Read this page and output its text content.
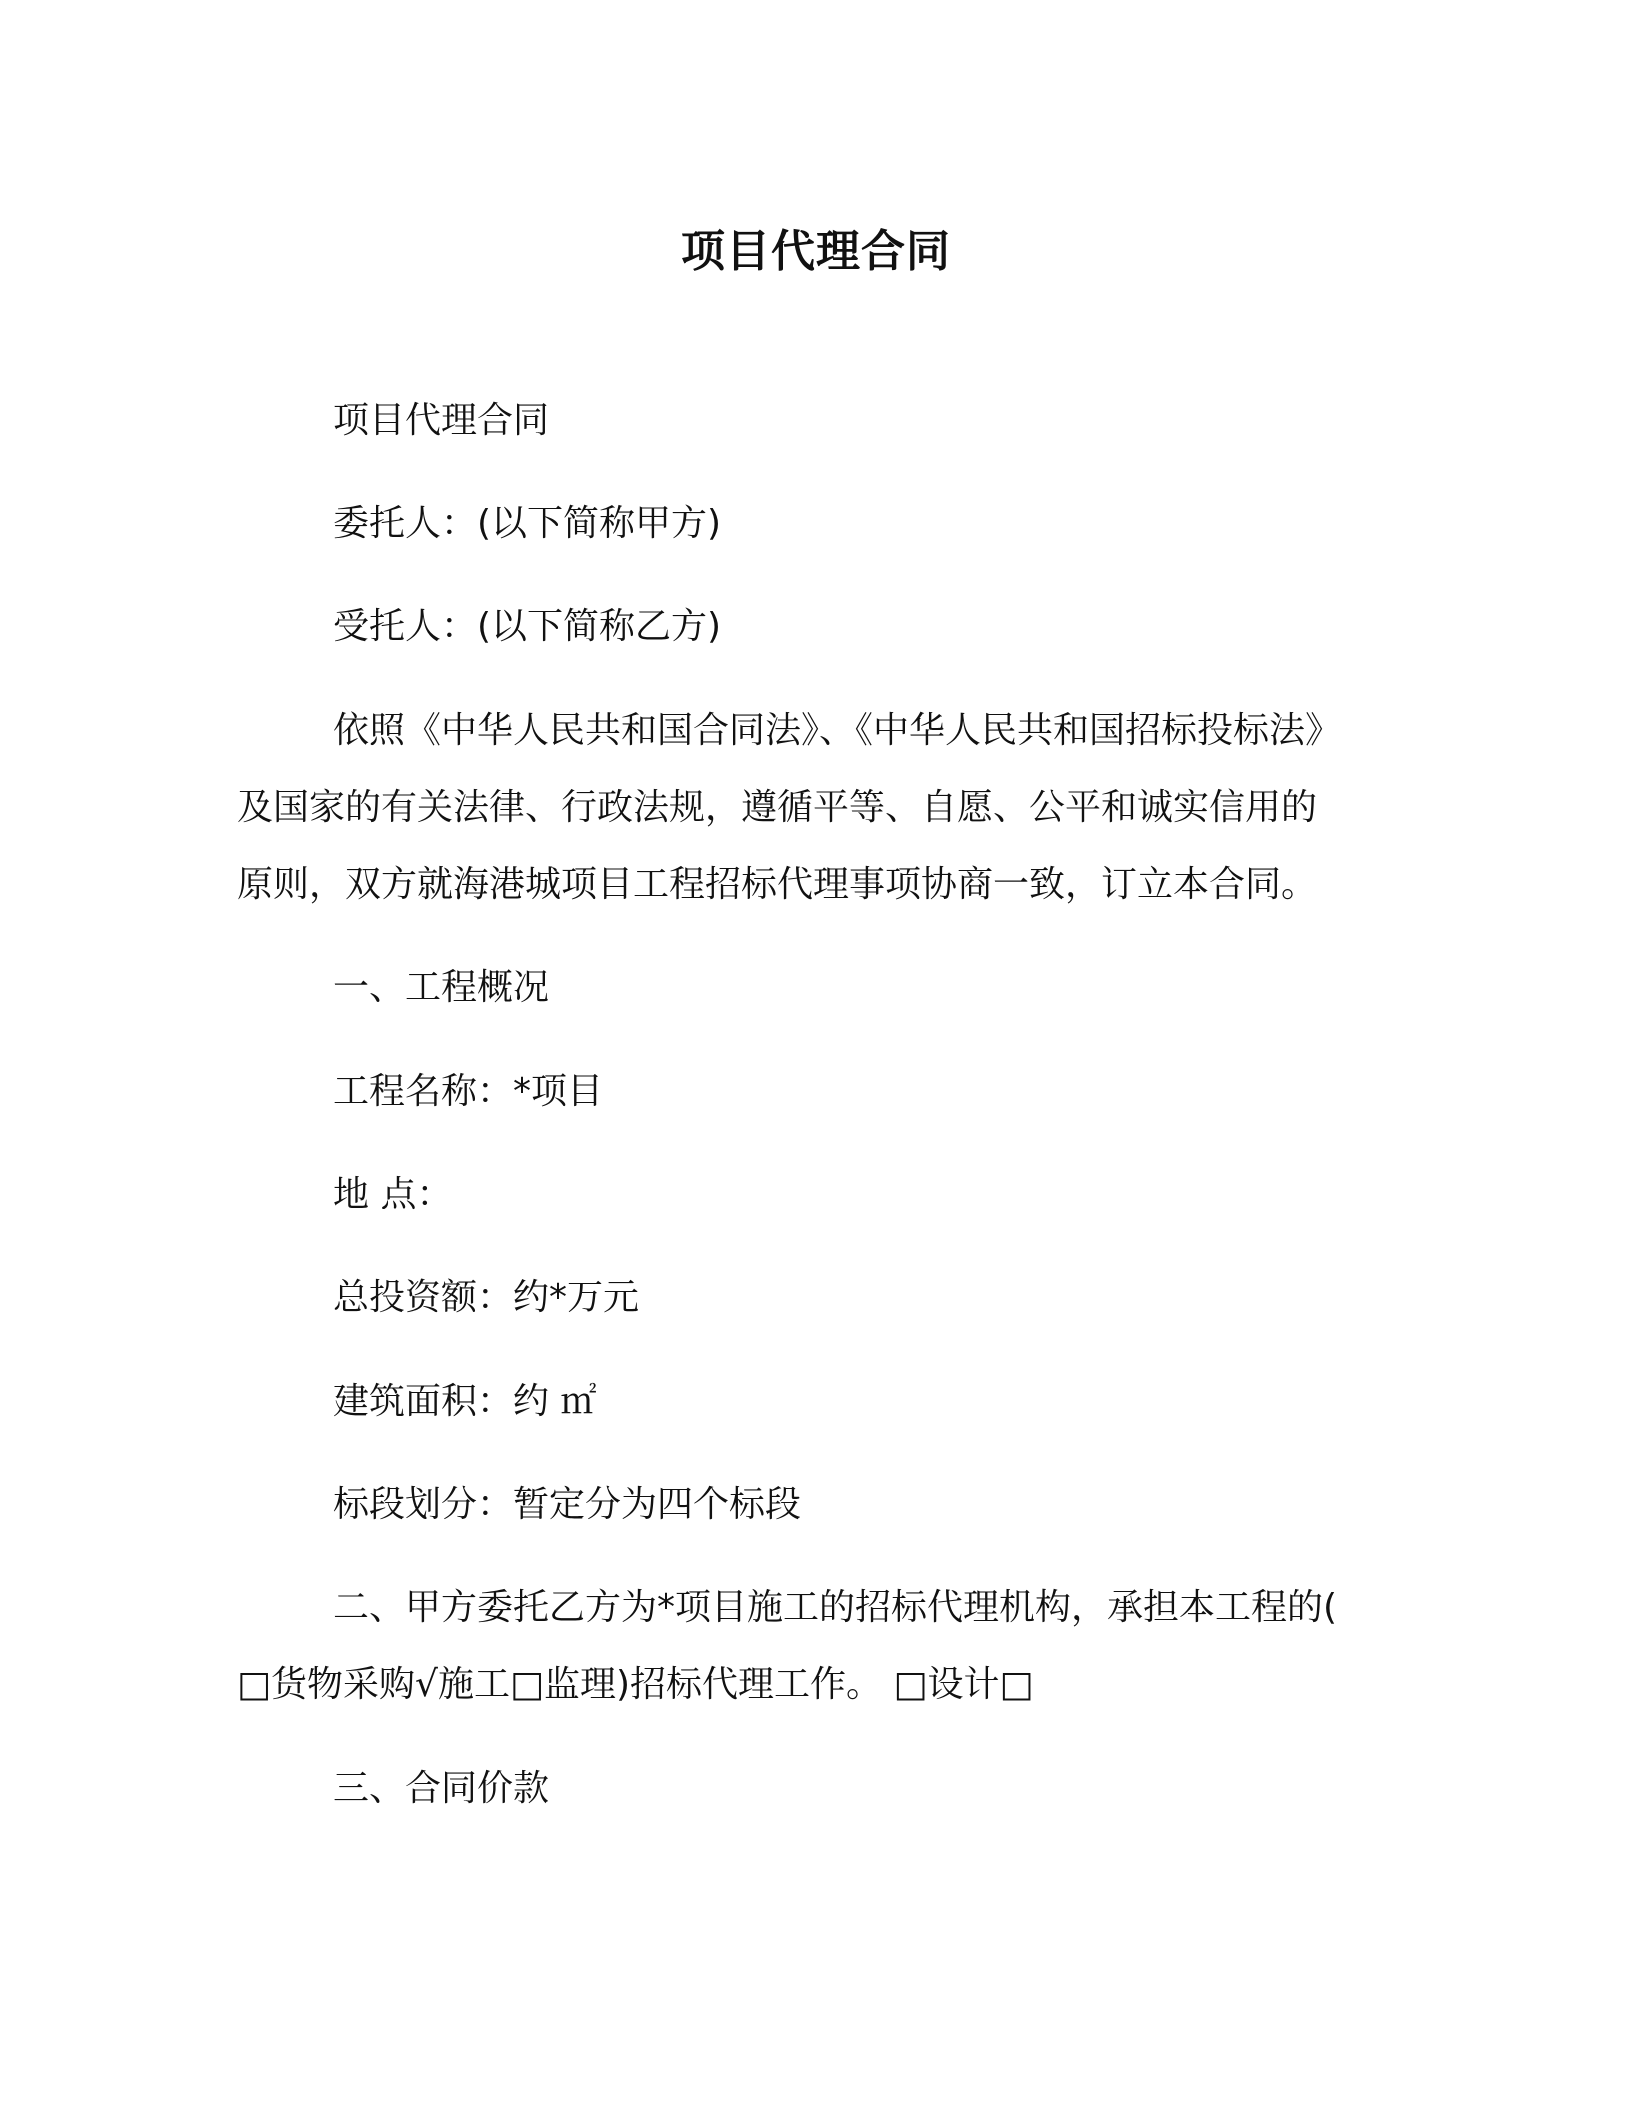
项目代理合同
项目代理合同
委托人：(以下简称甲方)
受托人：(以下简称乙方)
依照《中华人民共和国合同法》、《中华人民共和国招标投标法》
及国家的有关法律、行政法规，遵循平等、自愿、公平和诚实信用的
原则，双方就海港城项目工程招标代理事项协商一致，订立本合同。
一、工程概况
工程名称：*项目
地 点：
总投资额：约*万元
建筑面积：约 ㎡
标段划分：暂定分为四个标段
二、甲方委托乙方为*项目施工的招标代理机构，承担本工程的(
□货物采购√施工□监理)招标代理工作。 □设计□
三、合同价款
